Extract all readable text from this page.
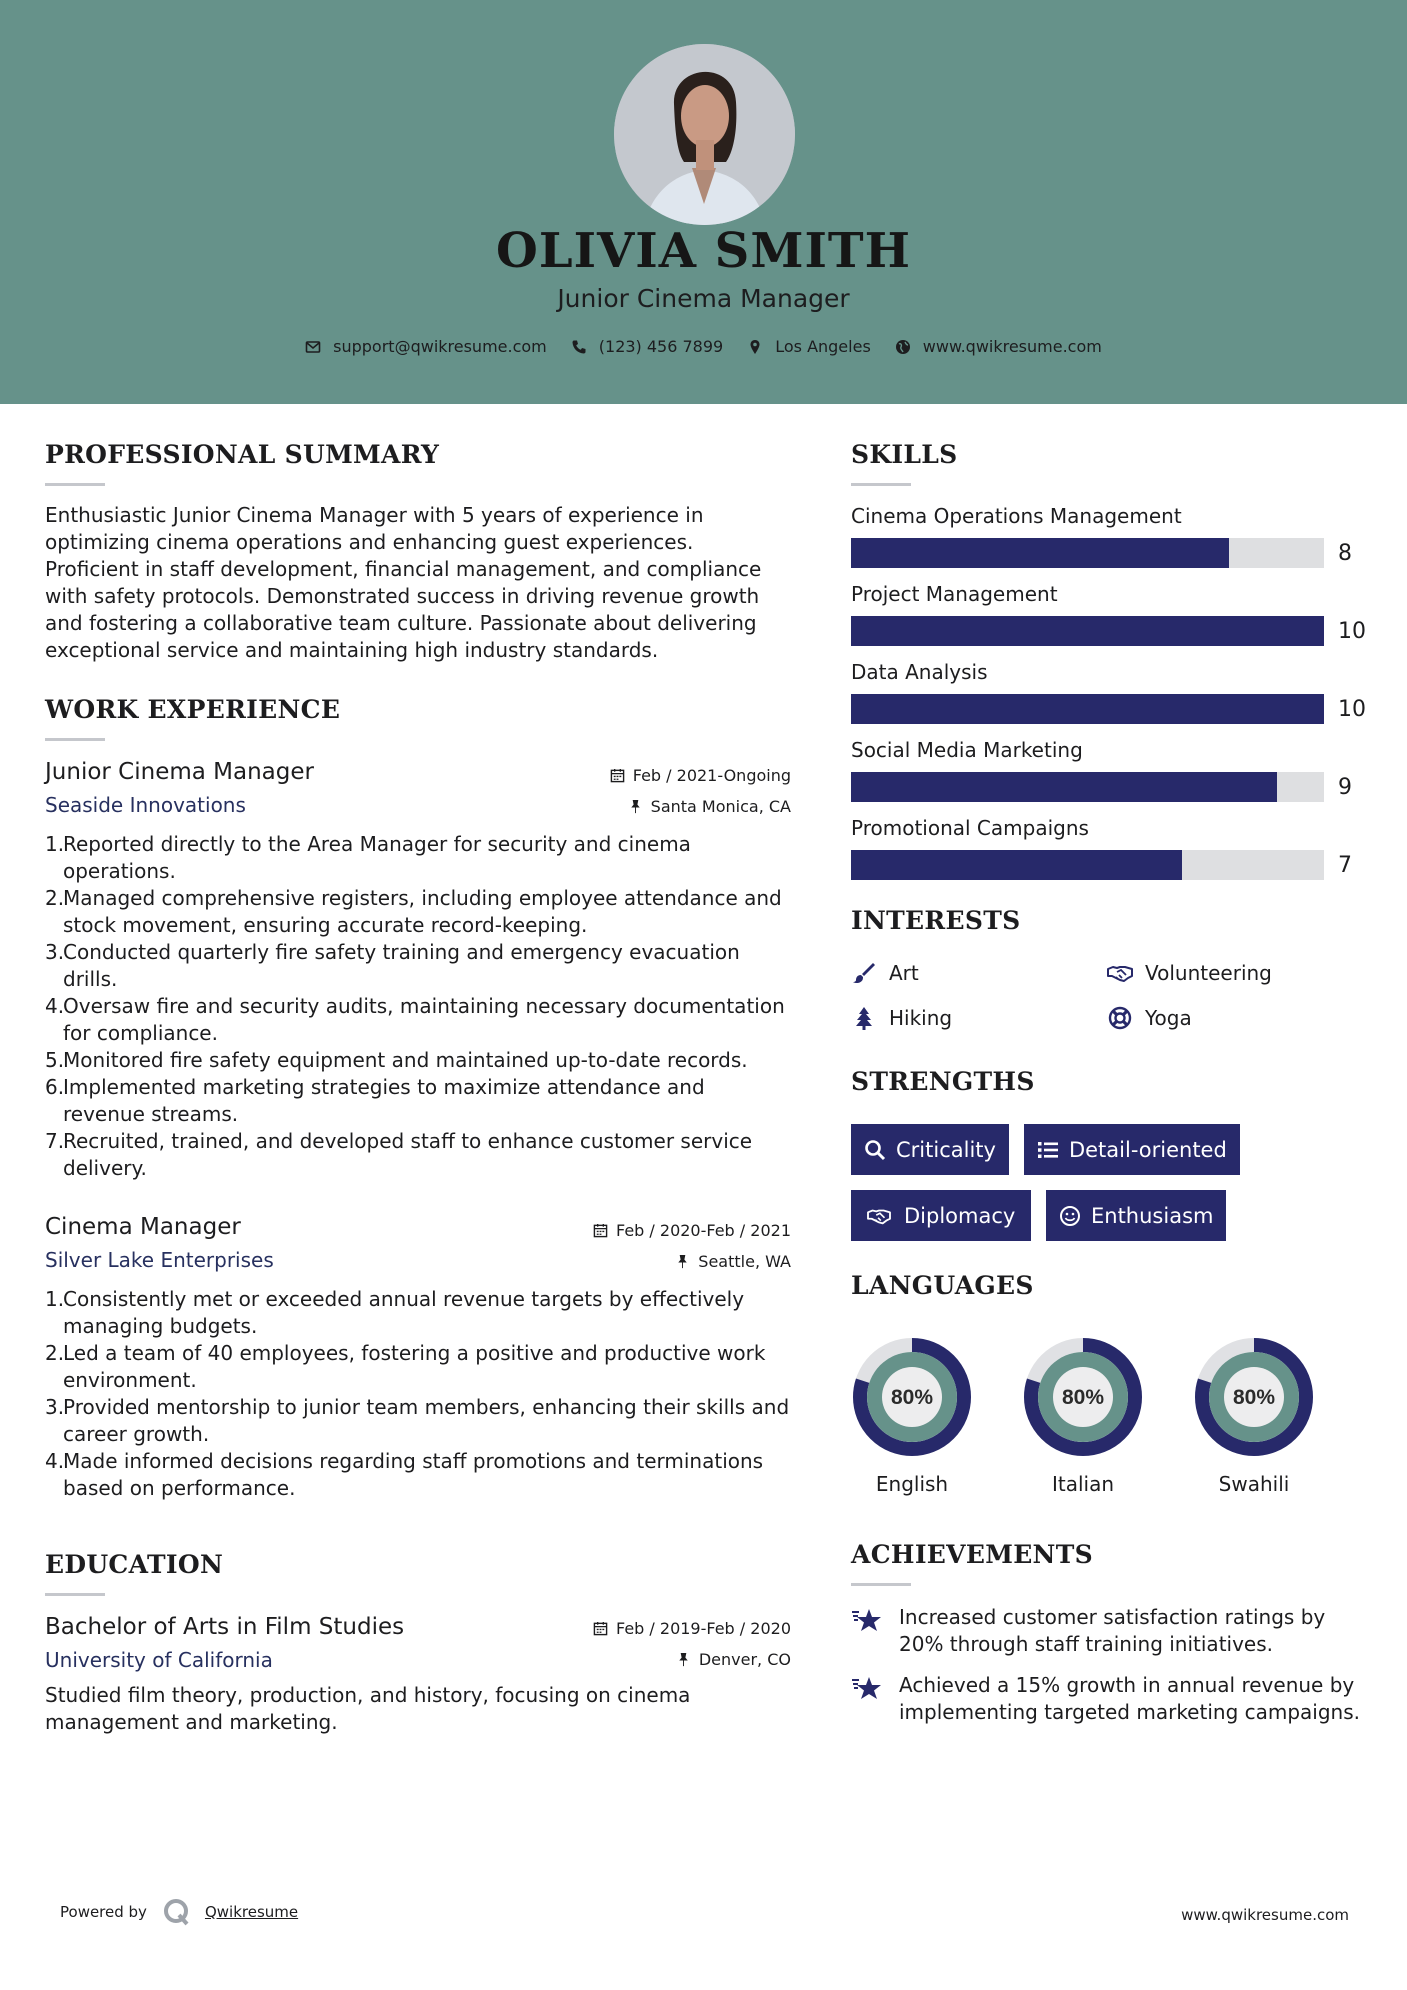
OLIVIA SMITH
Junior Cinema Manager
support@qwikresume.com	(123) 456 7899	Los Angeles	www.qwikresume.com
PROFESSIONAL SUMMARY

Enthusiastic Junior Cinema Manager with 5 years of experience in optimizing cinema operations and enhancing guest experiences. Proficient in staff development, financial management, and compliance with safety protocols. Demonstrated success in driving revenue growth and fostering a collaborative team culture. Passionate about delivering exceptional service and maintaining high industry standards.

WORK EXPERIENCE
Junior Cinema Manager
Seaside Innovations
Feb / 2021-Ongoing
Santa Monica, CA
1.
Reported directly to the Area Manager for security and cinema operations.
2.
Managed comprehensive registers, including employee attendance and stock movement, ensuring accurate record-keeping.
3.
Conducted quarterly fire safety training and emergency evacuation drills.
4.
Oversaw fire and security audits, maintaining necessary documentation for compliance.
5.
Monitored fire safety equipment and maintained up-to-date records.
6.
Implemented marketing strategies to maximize attendance and revenue streams.
7.
Recruited, trained, and developed staff to enhance customer service delivery.
Cinema Manager
Silver Lake Enterprises
Feb / 2020-Feb / 2021
Seattle, WA
1.
Consistently met or exceeded annual revenue targets by effectively managing budgets.
2.
Led a team of 40 employees, fostering a positive and productive work environment.
3.
Provided mentorship to junior team members, enhancing their skills and career growth.
4.
Made informed decisions regarding staff promotions and terminations based on performance.
EDUCATION
Bachelor of Arts in Film Studies
University of California
Feb / 2019-Feb / 2020
Denver, CO

Studied film theory, production, and history, focusing on cinema management and marketing.

SKILLS
Cinema Operations Management
8
Project Management
10
Data Analysis
10
Social Media Marketing
9
Promotional Campaigns
7
INTERESTS
Art	Volunteering
Hiking	Yoga
STRENGTHS
Criticality	Detail-oriented
Diplomacy	Enthusiasm
LANGUAGES
80%
English
80%
Italian
80%
Swahili
ACHIEVEMENTS
Increased customer satisfaction ratings by 20% through staff training initiatives.
Achieved a 15% growth in annual revenue by implementing targeted marketing campaigns.
Powered by	Qwikresume	www.qwikresume.com
